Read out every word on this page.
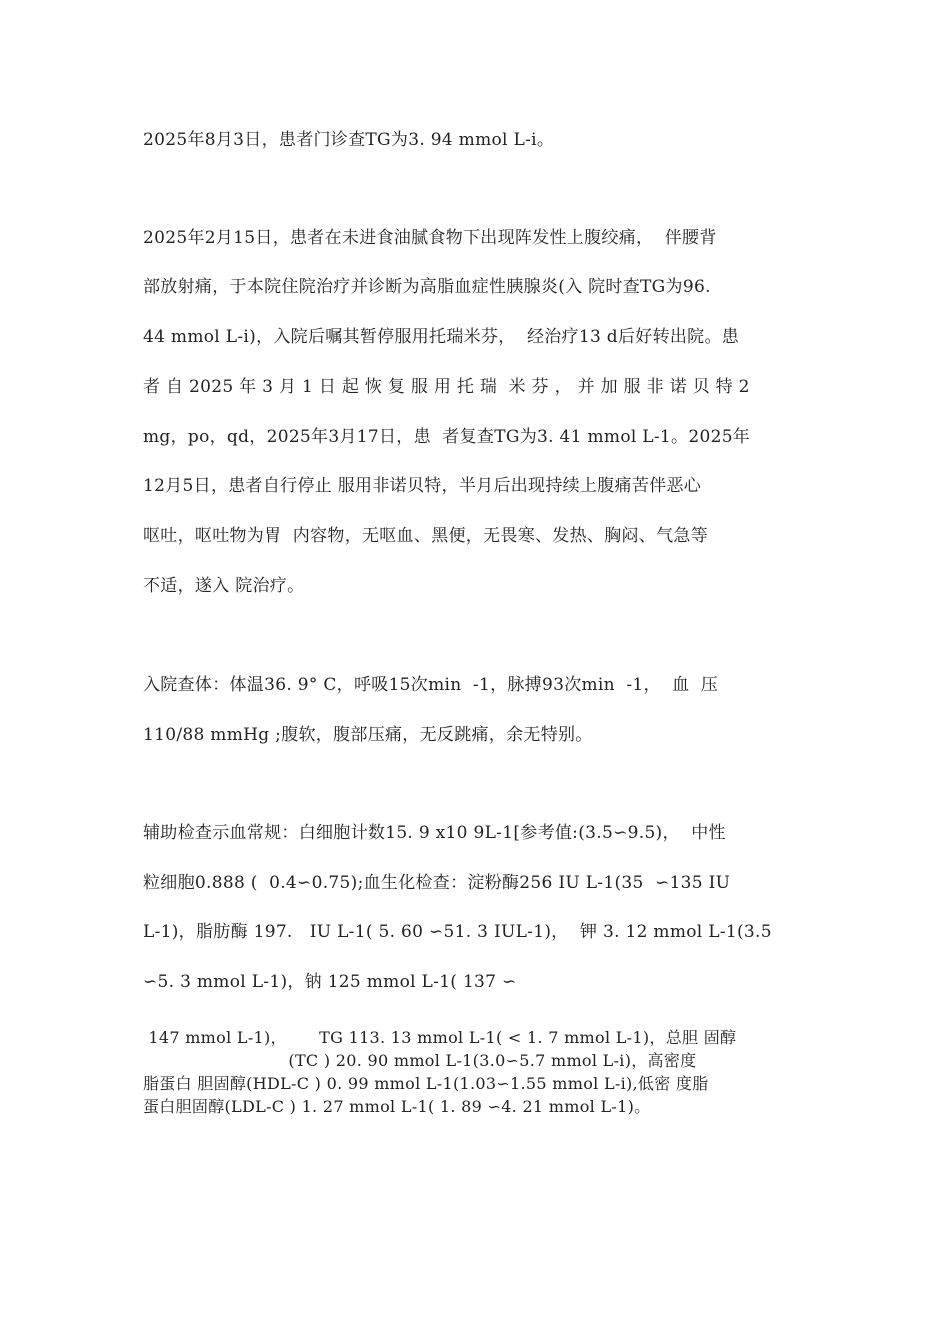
2025年8月3日，患者门诊查TG为3. 94 mmol L-i。
2025年2月15日，患者在未进食油腻食物下出现阵发性上腹绞痛，  伴腰背
部放射痛，于本院住院治疗并诊断为高脂血症性胰腺炎(入 院时查TG为96.
44 mmol L-i)，入院后嘱其暂停服用托瑞米芬，  经治疗13 d后好转出院。患
者 自 2025 年 3 月 1 日 起 恢 复 服 用 托 瑞  米 芬 ， 并 加 服 非 诺 贝 特 2
mg，po，qd，2025年3月17日，患  者复查TG为3. 41 mmol L-1。2025年
12月5日，患者自行停止 服用非诺贝特，半月后出现持续上腹痛苦伴恶心
呕吐，呕吐物为胃  内容物，无呕血、黑便，无畏寒、发热、胸闷、气急等
不适，遂入 院治疗。
入院查体：体温36. 9° C，呼吸15次min  -1，脉搏93次min  -1，  血  压
110/88 mmHg ;腹软，腹部压痛，无反跳痛，余无特别。
辅助检查示血常规：白细胞计数15. 9 x10 9L-1[参考值:(3.5∽9.5)，  中性
粒细胞0.888 (  0.4∽0.75);血生化检查：淀粉酶256 IU L-1(35  ∽135 IU
L-1)，脂肪酶 197.   IU L-1( 5. 60 ∽51. 3 IUL-1)，  钾 3. 12 mmol L-1(3.5
∽5. 3 mmol L-1)，钠 125 mmol L-1( 137 ∽
147 mmol L-1)，      TG 113. 13 mmol L-1( < 1. 7 mmol L-1)，总胆 固醇
(TC ) 20. 90 mmol L-1(3.0∽5.7 mmol L-i)，高密度
脂蛋白 胆固醇(HDL-C ) 0. 99 mmol L-1(1.03∽1.55 mmol L-i),低密 度脂
蛋白胆固醇(LDL-C ) 1. 27 mmol L-1( 1. 89 ∽4. 21 mmol L-1)。
